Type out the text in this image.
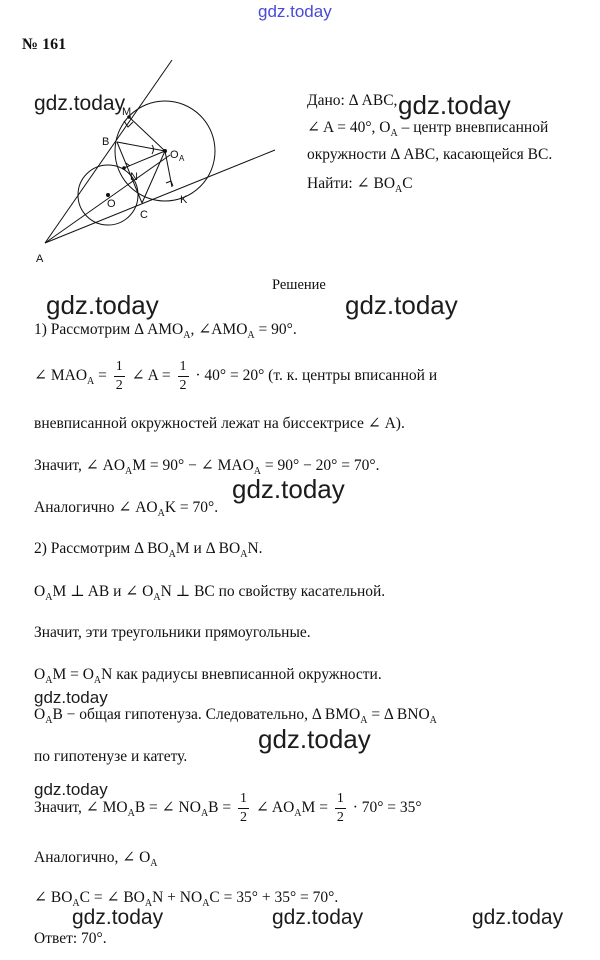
gdz.today
№ 161
A
B
C
M
N
K
O
O A
gdz.today	Дано: Δ ABC, gdz.today
∠ A = 40°, $O_A$ – центр вневписанной
окружности Δ ABC, касающейся BC.
Найти: ∠ $BO_AC$
Решение
gdz.today	gdz.today
1) Рассмотрим Δ $AMO_A$, $\angle AMO_A = 90^\circ$.
∠ $MAO_A = \frac{1}{2}$ ∠ $A = \frac{1}{2} \cdot 40^\circ = 20^\circ$ (т. к. центры вписанной и
вневписанной окружностей лежат на биссектрисе ∠ A).
Значит, ∠ $AO_AM = 90^\circ$ − ∠ $MAO_A = 90^\circ - 20^\circ = 70^\circ$.
gdz.today
Аналогично ∠ $AO_AK = 70^\circ$.
2) Рассмотрим Δ $BO_AM$ и Δ $BO_AN$.
$O_AM$ ⊥ AB и ∠ $O_AN$ ⊥ BC по свойству касательной.
Значит, эти треугольники прямоугольные.
$O_AM = O_AN$ как радиусы вневписанной окружности.
gdz.today
$O_AB$ − общая гипотенуза. Следовательно, Δ $BMO_A = \Delta$ $BNO_A$
gdz.today
по гипотенузе и катету.
gdz.today
Значит, ∠ $MO_AB$ = ∠ $NO_AB = \frac{1}{2}$ ∠ $AO_AM = \frac{1}{2} \cdot 70^\circ = 35^\circ$
Аналогично, ∠ $O_A$
∠ $BO_AC$ = ∠ $BO_AN + NO_AC = 35^\circ + 35^\circ = 70^\circ$.
gdz.today	gdz.today	gdz.today
Ответ: 70°.
